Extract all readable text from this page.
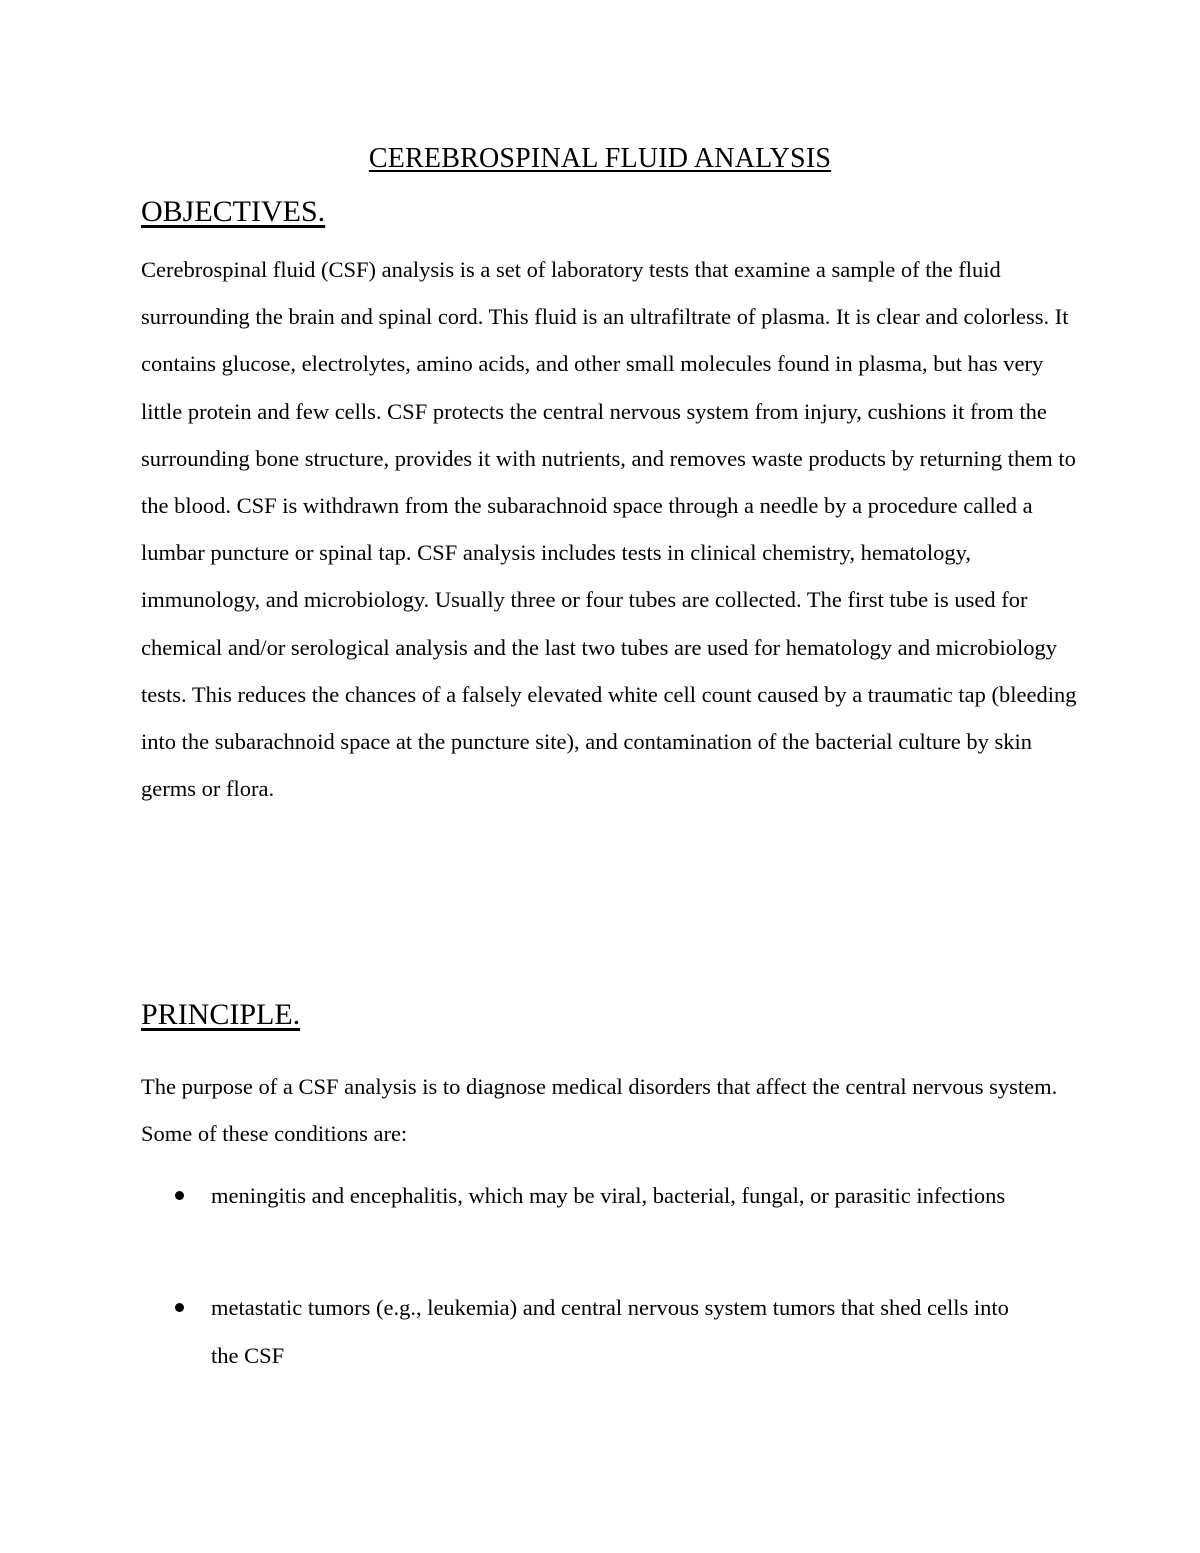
CEREBROSPINAL FLUID ANALYSIS
OBJECTIVES.

Cerebrospinal fluid (CSF) analysis is a set of laboratory tests that examine a sample of the fluid surrounding the brain and spinal cord. This fluid is an ultrafiltrate of plasma. It is clear and colorless. It contains glucose, electrolytes, amino acids, and other small molecules found in plasma, but has very little protein and few cells. CSF protects the central nervous system from injury, cushions it from the surrounding bone structure, provides it with nutrients, and removes waste products by returning them to the blood. CSF is withdrawn from the subarachnoid space through a needle by a procedure called a lumbar puncture or spinal tap. CSF analysis includes tests in clinical chemistry, hematology, immunology, and microbiology. Usually three or four tubes are collected. The first tube is used for chemical and/or serological analysis and the last two tubes are used for hematology and microbiology tests. This reduces the chances of a falsely elevated white cell count caused by a traumatic tap (bleeding into the subarachnoid space at the puncture site), and contamination of the bacterial culture by skin germs or flora.

PRINCIPLE.

The purpose of a CSF analysis is to diagnose medical disorders that affect the central nervous system. Some of these conditions are:

meningitis and encephalitis, which may be viral, bacterial, fungal, or parasitic infections
metastatic tumors (e.g., leukemia) and central nervous system tumors that shed cells into the CSF
